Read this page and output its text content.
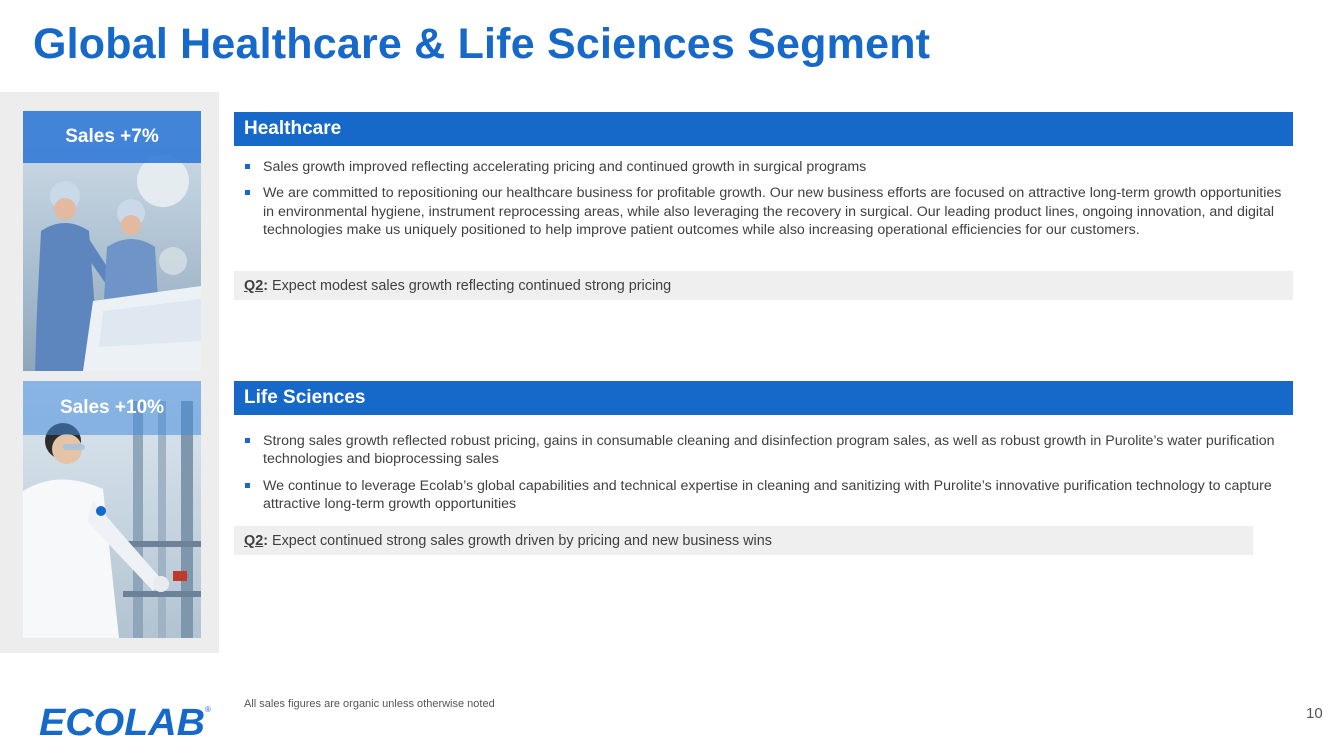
Global Healthcare & Life Sciences Segment
Sales +7%
Sales +10%
Healthcare
Sales growth improved reflecting accelerating pricing and continued growth in surgical programs
We are committed to repositioning our healthcare business for profitable growth. Our new business efforts are focused on attractive long-term growth opportunities in environmental hygiene, instrument reprocessing areas, while also leveraging the recovery in surgical. Our leading product lines, ongoing innovation, and digital technologies make us uniquely positioned to help improve patient outcomes while also increasing operational efficiencies for our customers.
Q2 : Expect modest sales growth reflecting continued strong pricing
Life Sciences
Strong sales growth reflected robust pricing, gains in consumable cleaning and disinfection program sales, as well as robust growth in Purolite’s water purification technologies and bioprocessing sales
We continue to leverage Ecolab’s global capabilities and technical expertise in cleaning and sanitizing with Purolite’s innovative purification technology to capture attractive long-term growth opportunities
Q2 : Expect continued strong sales growth driven by pricing and new business wins
ECOLAB ®	All sales figures are organic unless otherwise noted
10
